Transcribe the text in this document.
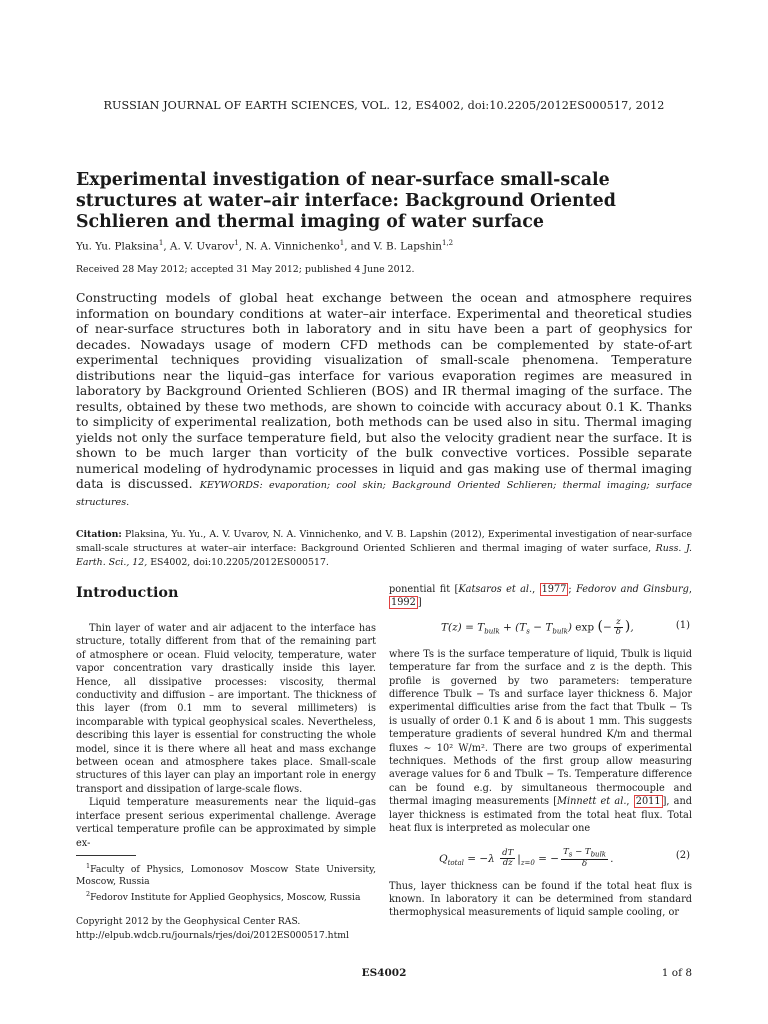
RUSSIAN JOURNAL OF EARTH SCIENCES, VOL. 12, ES4002, doi:10.2205/2012ES000517, 2012
Experimental investigation of near-surface small-scale structures at water–air interface: Background Oriented Schlieren and thermal imaging of water surface
Yu. Yu. Plaksina$^1$, A. V. Uvarov$^1$, N. A. Vinnichenko$^1$, and V. B. Lapshin$^{1,2}$
Received 28 May 2012; accepted 31 May 2012; published 4 June 2012.
Constructing models of global heat exchange between the ocean and atmosphere requires information on boundary conditions at water–air interface. Experimental and theoretical studies of near-surface structures both in laboratory and in situ have been a part of geophysics for decades. Nowadays usage of modern CFD methods can be complemented by state-of-art experimental techniques providing visualization of small-scale phenomena. Temperature distributions near the liquid–gas interface for various evaporation regimes are measured in laboratory by Background Oriented Schlieren (BOS) and IR thermal imaging of the surface. The results, obtained by these two methods, are shown to coincide with accuracy about 0.1 K. Thanks to simplicity of experimental realization, both methods can be used also in situ. Thermal imaging yields not only the surface temperature field, but also the velocity gradient near the surface. It is shown to be much larger than vorticity of the bulk convective vortices. Possible separate numerical modeling of hydrodynamic processes in liquid and gas making use of thermal imaging data is discussed. KEYWORDS: evaporation; cool skin; Background Oriented Schlieren; thermal imaging; surface structures.
Citation: Plaksina, Yu. Yu., A. V. Uvarov, N. A. Vinnichenko, and V. B. Lapshin (2012), Experimental investigation of near-surface small-scale structures at water–air interface: Background Oriented Schlieren and thermal imaging of water surface, Russ. J. Earth. Sci., 12, ES4002, doi:10.2205/2012ES000517.
Introduction

Thin layer of water and air adjacent to the interface has structure, totally different from that of the remaining part of atmosphere or ocean. Fluid velocity, temperature, water vapor concentration vary drastically inside this layer. Hence, all dissipative processes: viscosity, thermal conductivity and diffusion – are important. The thickness of this layer (from 0.1 mm to several millimeters) is incomparable with typical geophysical scales. Nevertheless, describing this layer is essential for constructing the whole model, since it is there where all heat and mass exchange between ocean and atmosphere takes place. Small-scale structures of this layer can play an important role in energy transport and dissipation of large-scale flows.

Liquid temperature measurements near the liquid–gas interface present serious experimental challenge. Average vertical temperature profile can be approximated by simple ex-

$^1$Faculty of Physics, Lomonosov Moscow State University, Moscow, Russia
$^2$Fedorov Institute for Applied Geophysics, Moscow, Russia
Copyright 2012 by the Geophysical Center RAS.
http://elpub.wdcb.ru/journals/rjes/doi/2012ES000517.html

ponential fit [Katsaros et al., 1977 ; Fedorov and Ginsburg, 1992 ]

$T(z) = T_{bulk} + (T_s - T_{bulk})$ exp (− $\frac{z}{\delta}$ ),	(1)

where Ts is the surface temperature of liquid, Tbulk is liquid temperature far from the surface and z is the depth. This profile is governed by two parameters: temperature difference Tbulk − Ts and surface layer thickness δ. Major experimental difficulties arise from the fact that Tbulk − Ts is usually of order 0.1 K and δ is about 1 mm. This suggests temperature gradients of several hundred K/m and thermal fluxes ∼ 10² W/m². There are two groups of experimental techniques. Methods of the first group allow measuring average values for δ and Tbulk − Ts. Temperature difference can be found e.g. by simultaneous thermocouple and thermal imaging measurements [Minnett et al., 2011 ], and layer thickness is estimated from the total heat flux. Total heat flux is interpreted as molecular one

$Q_{total} = -\lambda \frac{dT}{dz} |_{z=0}$ = − $\frac{T_s - T_{bulk}}{\delta}$ .	(2)

Thus, layer thickness can be found if the total heat flux is known. In laboratory it can be determined from standard thermophysical measurements of liquid sample cooling, or

ES4002	1 of 8
